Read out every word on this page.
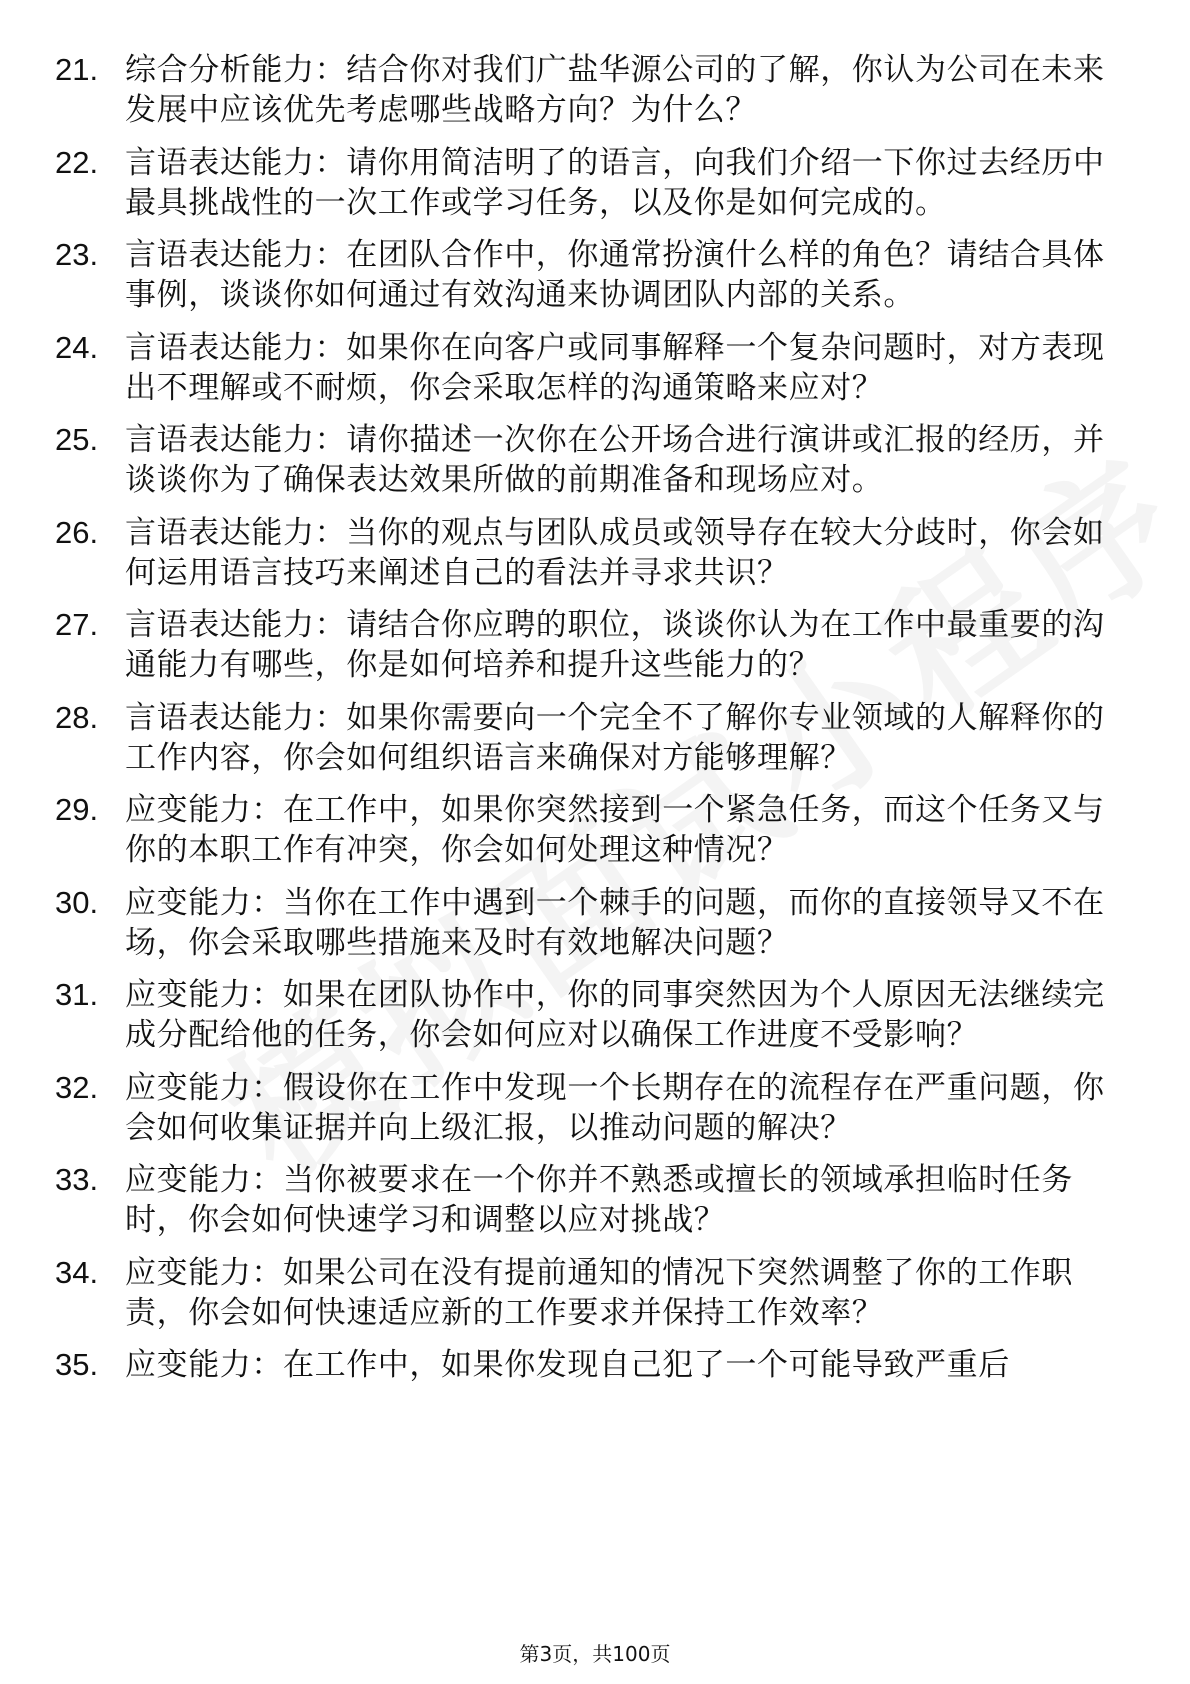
21. 综合分析能力：结合你对我们广盐华源公司的了解，你认为公司在未来发展中应该优先考虑哪些战略方向？为什么？
22. 言语表达能力：请你用简洁明了的语言，向我们介绍一下你过去经历中最具挑战性的一次工作或学习任务，以及你是如何完成的。
23. 言语表达能力：在团队合作中，你通常扮演什么样的角色？请结合具体事例，谈谈你如何通过有效沟通来协调团队内部的关系。
24. 言语表达能力：如果你在向客户或同事解释一个复杂问题时，对方表现出不理解或不耐烦，你会采取怎样的沟通策略来应对？
25. 言语表达能力：请你描述一次你在公开场合进行演讲或汇报的经历，并谈谈你为了确保表达效果所做的前期准备和现场应对。
26. 言语表达能力：当你的观点与团队成员或领导存在较大分歧时，你会如何运用语言技巧来阐述自己的看法并寻求共识？
27. 言语表达能力：请结合你应聘的职位，谈谈你认为在工作中最重要的沟通能力有哪些，你是如何培养和提升这些能力的？
28. 言语表达能力：如果你需要向一个完全不了解你专业领域的人解释你的工作内容，你会如何组织语言来确保对方能够理解？
29. 应变能力：在工作中，如果你突然接到一个紧急任务，而这个任务又与你的本职工作有冲突，你会如何处理这种情况？
30. 应变能力：当你在工作中遇到一个棘手的问题，而你的直接领导又不在场，你会采取哪些措施来及时有效地解决问题？
31. 应变能力：如果在团队协作中，你的同事突然因为个人原因无法继续完成分配给他的任务，你会如何应对以确保工作进度不受影响？
32. 应变能力：假设你在工作中发现一个长期存在的流程存在严重问题，你会如何收集证据并向上级汇报，以推动问题的解决？
33. 应变能力：当你被要求在一个你并不熟悉或擅长的领域承担临时任务时，你会如何快速学习和调整以应对挑战？
34. 应变能力：如果公司在没有提前通知的情况下突然调整了你的工作职责，你会如何快速适应新的工作要求并保持工作效率？
35. 应变能力：在工作中，如果你发现自己犯了一个可能导致严重后
第3页，共100页
